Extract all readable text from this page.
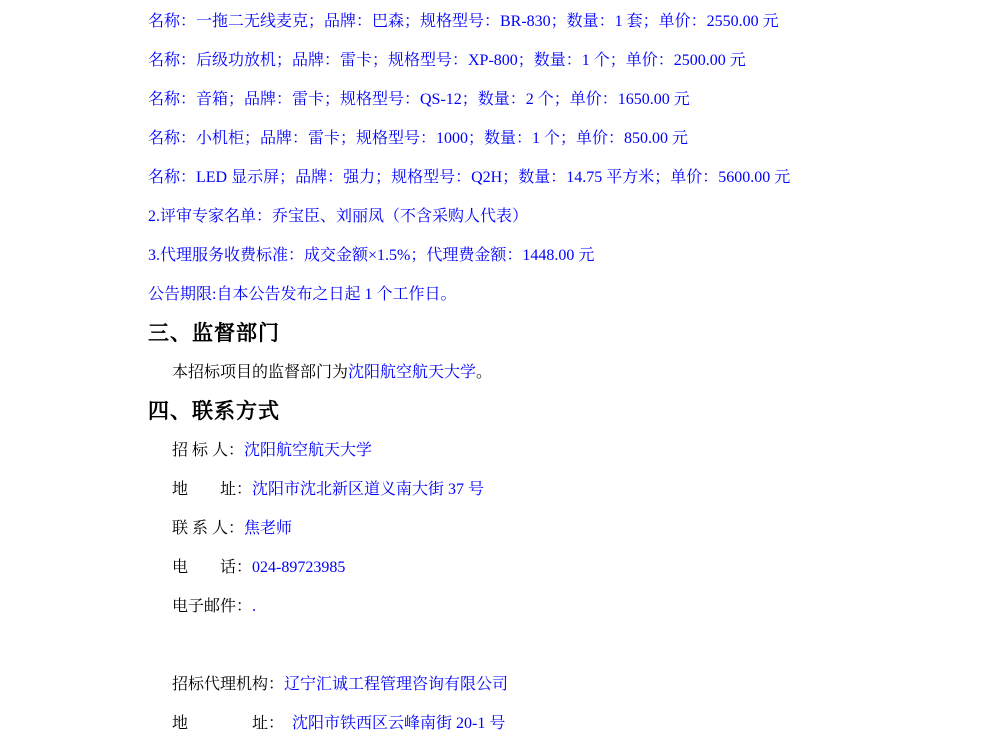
名称：一拖二无线麦克；品牌：巴森；规格型号：BR-830；数量：1 套；单价：2550.00 元
名称：后级功放机；品牌：雷卡；规格型号：XP-800；数量：1 个；单价：2500.00 元
名称：音箱；品牌：雷卡；规格型号：QS-12；数量：2 个；单价：1650.00 元
名称：小机柜；品牌：雷卡；规格型号：1000；数量：1 个；单价：850.00 元
名称：LED 显示屏；品牌：强力；规格型号：Q2H；数量：14.75 平方米；单价：5600.00 元
2.评审专家名单：乔宝臣、刘丽凤（不含采购人代表）
3.代理服务收费标准：成交金额×1.5%；代理费金额：1448.00 元
公告期限:自本公告发布之日起 1 个工作日。
三、监督部门
本招标项目的监督部门为沈阳航空航天大学。
四、联系方式
招 标 人：沈阳航空航天大学
地　　址：沈阳市沈北新区道义南大街 37 号
联 系 人：焦老师
电　　话：024-89723985
电子邮件：.
招标代理机构：辽宁汇诚工程管理咨询有限公司
地　　　　址：　沈阳市铁西区云峰南街 20-1 号
